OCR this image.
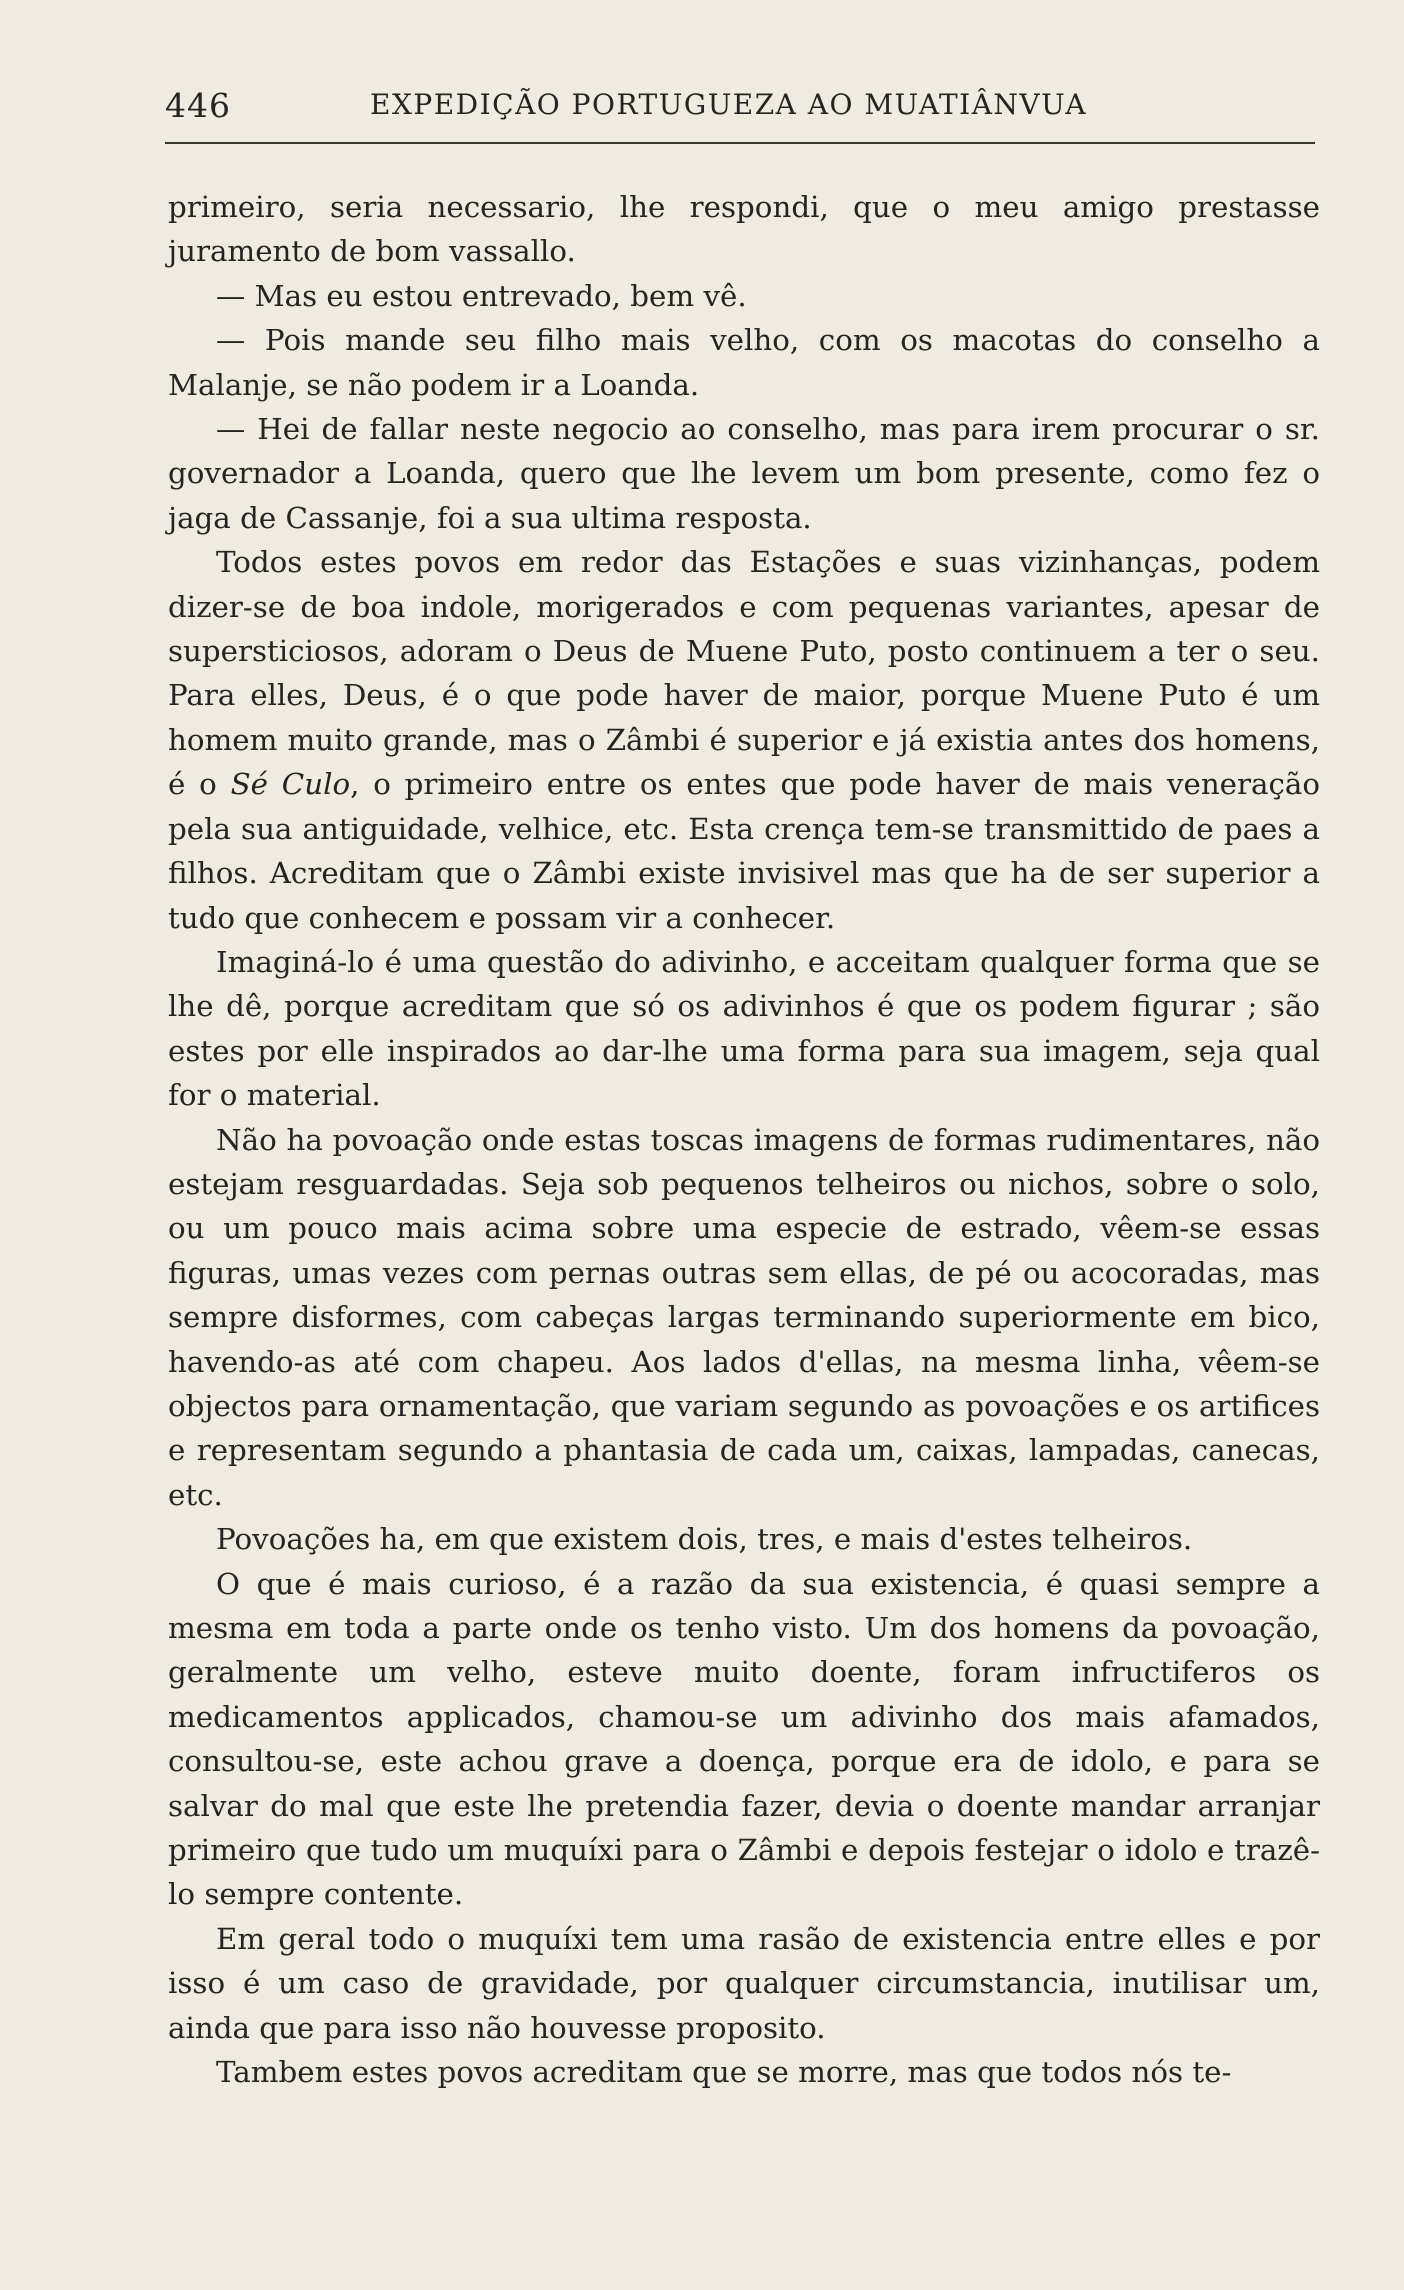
446	EXPEDIÇÃO PORTUGUEZA AO MUATIÂNVUA

primeiro, seria necessario, lhe respondi, que o meu amigo prestasse juramento de bom vassallo.

— Mas eu estou entrevado, bem vê.

— Pois mande seu filho mais velho, com os macotas do conselho a Malanje, se não podem ir a Loanda.

— Hei de fallar neste negocio ao conselho, mas para irem procurar o sr. governador a Loanda, quero que lhe levem um bom presente, como fez o jaga de Cassanje, foi a sua ultima resposta.

Todos estes povos em redor das Estações e suas vizinhanças, podem dizer-se de boa indole, morigerados e com pequenas variantes, apesar de supersticiosos, adoram o Deus de Muene Puto, posto continuem a ter o seu. Para elles, Deus, é o que pode haver de maior, porque Muene Puto é um homem muito grande, mas o Zâmbi é superior e já existia antes dos homens, é o Sé Culo, o primeiro entre os entes que pode haver de mais veneração pela sua antiguidade, velhice, etc. Esta crença tem-se transmittido de paes a filhos. Acreditam que o Zâmbi existe invisivel mas que ha de ser superior a tudo que conhecem e possam vir a conhecer.

Imaginá-lo é uma questão do adivinho, e acceitam qualquer forma que se lhe dê, porque acreditam que só os adivinhos é que os podem figurar ; são estes por elle inspirados ao dar-lhe uma forma para sua imagem, seja qual for o material.

Não ha povoação onde estas toscas imagens de formas rudimentares, não estejam resguardadas. Seja sob pequenos telheiros ou nichos, sobre o solo, ou um pouco mais acima sobre uma especie de estrado, vêem-se essas figuras, umas vezes com pernas outras sem ellas, de pé ou acocoradas, mas sempre disformes, com cabeças largas terminando superiormente em bico, havendo-as até com chapeu. Aos lados d'ellas, na mesma linha, vêem-se objectos para ornamentação, que variam segundo as povoações e os artifices e representam segundo a phantasia de cada um, caixas, lampadas, canecas, etc.

Povoações ha, em que existem dois, tres, e mais d'estes telheiros.

O que é mais curioso, é a razão da sua existencia, é quasi sempre a mesma em toda a parte onde os tenho visto. Um dos homens da povoação, geralmente um velho, esteve muito doente, foram infructiferos os medicamentos applicados, chamou-se um adivinho dos mais afamados, consultou-se, este achou grave a doença, porque era de idolo, e para se salvar do mal que este lhe pretendia fazer, devia o doente mandar arranjar primeiro que tudo um muquíxi para o Zâmbi e depois festejar o idolo e trazê-lo sempre contente.

Em geral todo o muquíxi tem uma rasão de existencia entre elles e por isso é um caso de gravidade, por qualquer circumstancia, inutilisar um, ainda que para isso não houvesse proposito.

Tambem estes povos acreditam que se morre, mas que todos nós te-
